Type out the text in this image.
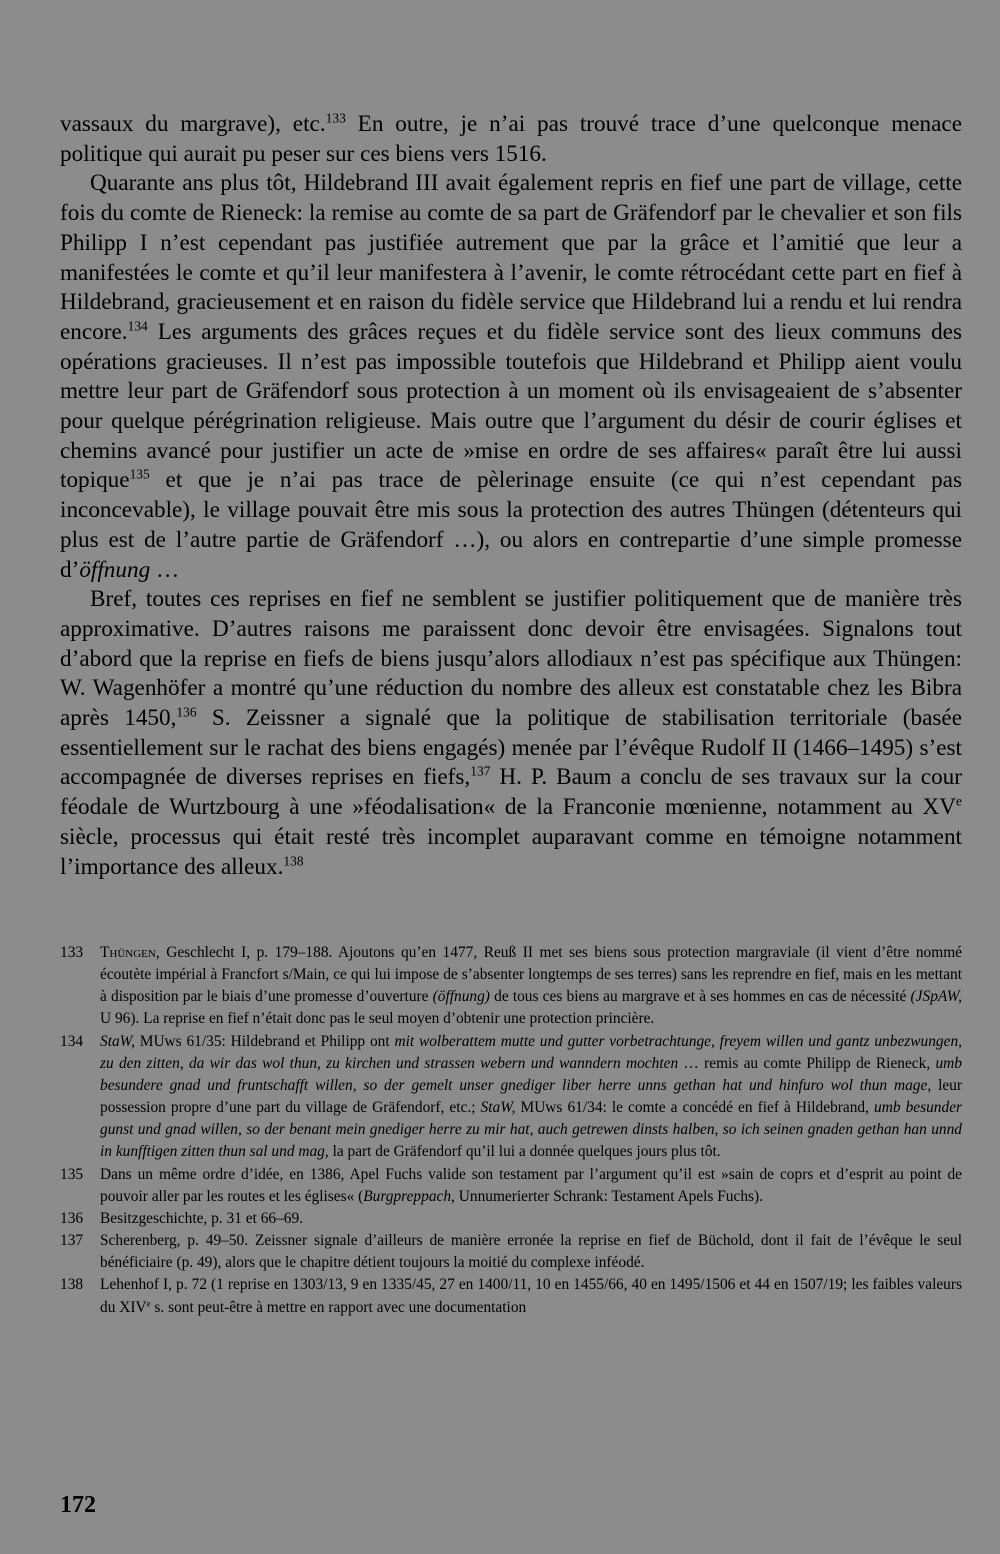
vassaux du margrave), etc.$^{133}$ En outre, je n’ai pas trouvé trace d’une quelconque menace politique qui aurait pu peser sur ces biens vers 1516.

Quarante ans plus tôt, Hildebrand III avait également repris en fief une part de village, cette fois du comte de Rieneck: la remise au comte de sa part de Gräfendorf par le chevalier et son fils Philipp I n’est cependant pas justifiée autrement que par la grâce et l’amitié que leur a manifestées le comte et qu’il leur manifestera à l’avenir, le comte rétrocédant cette part en fief à Hildebrand, gracieusement et en raison du fidèle service que Hildebrand lui a rendu et lui rendra encore.$^{134}$ Les arguments des grâces reçues et du fidèle service sont des lieux communs des opérations gracieuses. Il n’est pas impossible toutefois que Hildebrand et Philipp aient voulu mettre leur part de Gräfendorf sous protection à un moment où ils envisageaient de s’absenter pour quelque pérégrination religieuse. Mais outre que l’argument du désir de courir églises et chemins avancé pour justifier un acte de »mise en ordre de ses affaires« paraît être lui aussi topique$^{135}$ et que je n’ai pas trace de pèlerinage ensuite (ce qui n’est cependant pas inconcevable), le village pouvait être mis sous la protection des autres Thüngen (détenteurs qui plus est de l’autre partie de Gräfendorf …), ou alors en contrepartie d’une simple promesse d’öffnung …

Bref, toutes ces reprises en fief ne semblent se justifier politiquement que de manière très approximative. D’autres raisons me paraissent donc devoir être envisagées. Signalons tout d’abord que la reprise en fiefs de biens jusqu’alors allodiaux n’est pas spécifique aux Thüngen: W. Wagenhöfer a montré qu’une réduction du nombre des alleux est constatable chez les Bibra après 1450,$^{136}$ S. Zeissner a signalé que la politique de stabilisation territoriale (basée essentiellement sur le rachat des biens engagés) menée par l’évêque Rudolf II (1466–1495) s’est accompagnée de diverses reprises en fiefs,$^{137}$ H. P. Baum a conclu de ses travaux sur la cour féodale de Wurtzbourg à une »féodalisation« de la Franconie mœnienne, notamment au XVe siècle, processus qui était resté très incomplet auparavant comme en témoigne notamment l’importance des alleux.$^{138}$

133 Thüngen, Geschlecht I, p. 179–188. Ajoutons qu’en 1477, Reuß II met ses biens sous protection margraviale (il vient d’être nommé écoutète impérial à Francfort s/Main, ce qui lui impose de s’absenter longtemps de ses terres) sans les reprendre en fief, mais en les mettant à disposition par le biais d’une promesse d’ouverture (öffnung) de tous ces biens au margrave et à ses hommes en cas de nécessité (JSpAW, U 96). La reprise en fief n’était donc pas le seul moyen d’obtenir une protection princière.

134 StaW, MUws 61/35: Hildebrand et Philipp ont mit wolberattem mutte und gutter vorbetrachtunge, freyem willen und gantz unbezwungen, zu den zitten, da wir das wol thun, zu kirchen und strassen webern und wanndern mochten … remis au comte Philipp de Rieneck, umb besundere gnad und fruntschafft willen, so der gemelt unser gnediger liber herre unns gethan hat und hinfuro wol thun mage, leur possession propre d’une part du village de Gräfendorf, etc.; StaW, MUws 61/34: le comte a concédé en fief à Hildebrand, umb besunder gunst und gnad willen, so der benant mein gnediger herre zu mir hat, auch getrewen dinsts halben, so ich seinen gnaden gethan han unnd in kunfftigen zitten thun sal und mag, la part de Gräfendorf qu’il lui a donnée quelques jours plus tôt.

135 Dans un même ordre d’idée, en 1386, Apel Fuchs valide son testament par l’argument qu’il est »sain de coprs et d’esprit au point de pouvoir aller par les routes et les églises« (Burgpreppach, Unnumerierter Schrank: Testament Apels Fuchs).

136 Besitzgeschichte, p. 31 et 66–69.

137 Scherenberg, p. 49–50. Zeissner signale d’ailleurs de manière erronée la reprise en fief de Büchold, dont il fait de l’évêque le seul bénéficiaire (p. 49), alors que le chapitre détient toujours la moitié du complexe inféodé.

138 Lehenhof I, p. 72 (1 reprise en 1303/13, 9 en 1335/45, 27 en 1400/11, 10 en 1455/66, 40 en 1495/1506 et 44 en 1507/19; les faibles valeurs du XIVe s. sont peut-être à mettre en rapport avec une documentation

172
